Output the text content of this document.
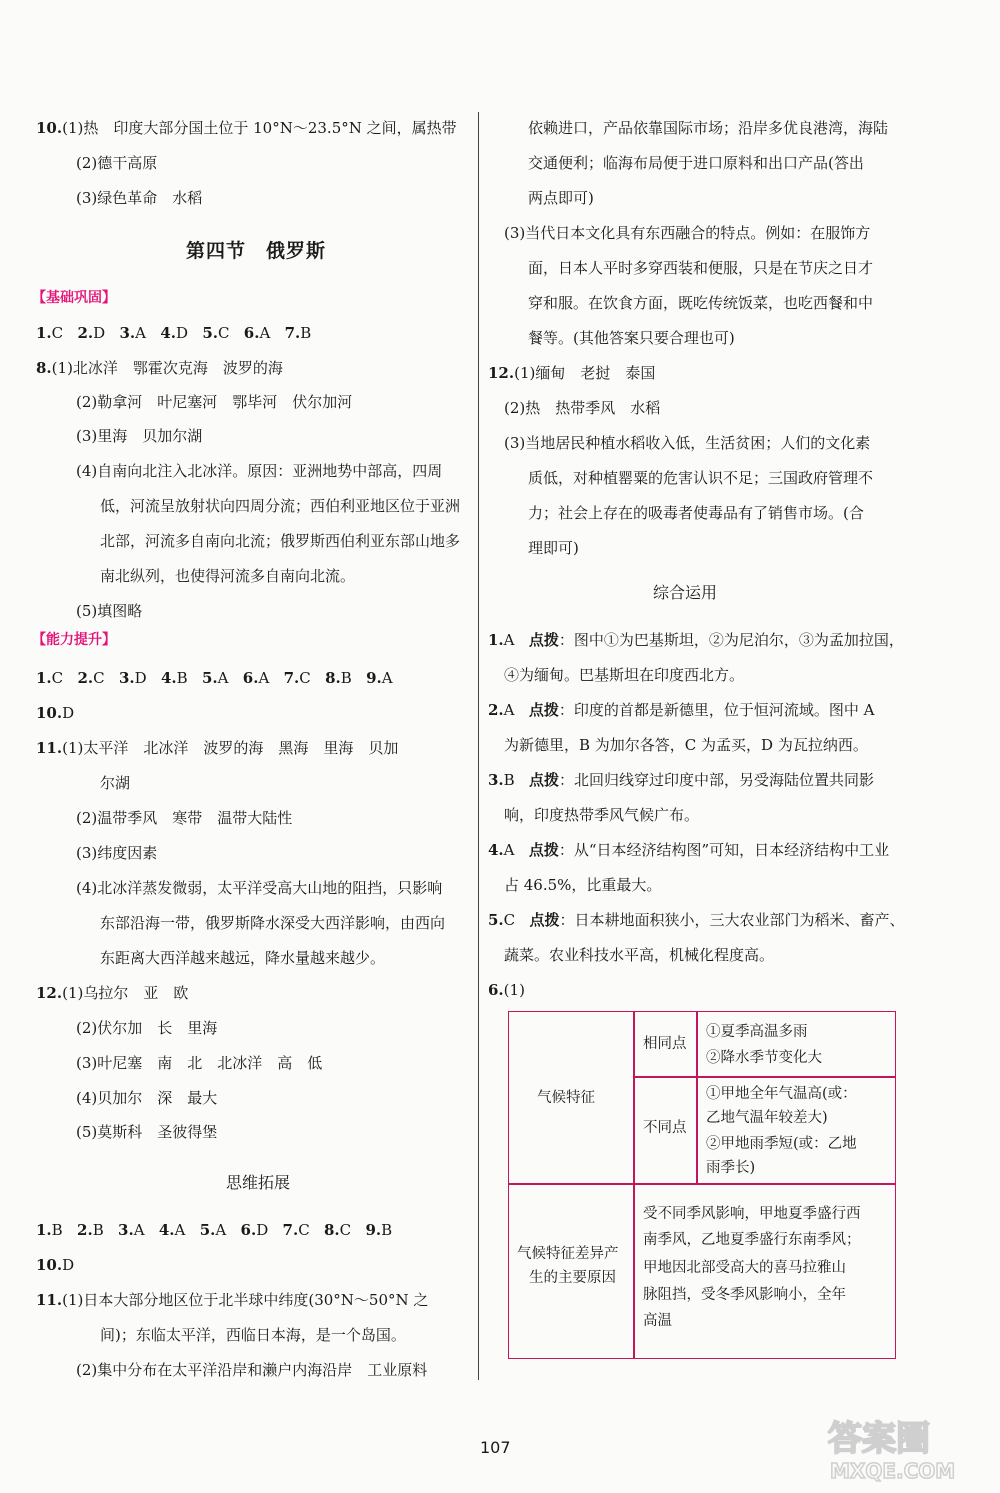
10.(1)热　印度大部分国土位于 10°N～23.5°N 之间，属热带
(2)德干高原
(3)绿色革命　水稻
第四节　俄罗斯
【基础巩固】
1.C 2.D 3.A 4.D 5.C 6.A 7.B
8.(1)北冰洋　鄂霍次克海　波罗的海
(2)勒拿河　叶尼塞河　鄂毕河　伏尔加河
(3)里海　贝加尔湖
(4)自南向北注入北冰洋。原因：亚洲地势中部高，四周
低，河流呈放射状向四周分流；西伯利亚地区位于亚洲
北部，河流多自南向北流；俄罗斯西伯利亚东部山地多
南北纵列，也使得河流多自南向北流。
(5)填图略
【能力提升】
1.C 2.C 3.D 4.B 5.A 6.A 7.C 8.B 9.A
10.D
11.(1)太平洋　北冰洋　波罗的海　黑海　里海　贝加
尔湖
(2)温带季风　寒带　温带大陆性
(3)纬度因素
(4)北冰洋蒸发微弱，太平洋受高大山地的阻挡，只影响
东部沿海一带，俄罗斯降水深受大西洋影响，由西向
东距离大西洋越来越远，降水量越来越少。
12.(1)乌拉尔　亚　欧
(2)伏尔加　长　里海
(3)叶尼塞　南　北　北冰洋　高　低
(4)贝加尔　深　最大
(5)莫斯科　圣彼得堡
思维拓展
1.B 2.B 3.A 4.A 5.A 6.D 7.C 8.C 9.B
10.D
11.(1)日本大部分地区位于北半球中纬度(30°N～50°N 之
间)；东临太平洋，西临日本海，是一个岛国。
(2)集中分布在太平洋沿岸和濑户内海沿岸　工业原料
依赖进口，产品依靠国际市场；沿岸多优良港湾，海陆
交通便利；临海布局便于进口原料和出口产品(答出
两点即可)
(3)当代日本文化具有东西融合的特点。例如：在服饰方
面，日本人平时多穿西装和便服，只是在节庆之日才
穿和服。在饮食方面，既吃传统饭菜，也吃西餐和中
餐等。(其他答案只要合理也可)
12.(1)缅甸　老挝　泰国
(2)热　热带季风　水稻
(3)当地居民种植水稻收入低，生活贫困；人们的文化素
质低，对种植罂粟的危害认识不足；三国政府管理不
力；社会上存在的吸毒者使毒品有了销售市场。(合
理即可)
综合运用
1.A 点拨：图中①为巴基斯坦，②为尼泊尔，③为孟加拉国，
④为缅甸。巴基斯坦在印度西北方。
2.A 点拨：印度的首都是新德里，位于恒河流域。图中 A
为新德里，B 为加尔各答，C 为孟买，D 为瓦拉纳西。
3.B 点拨：北回归线穿过印度中部，另受海陆位置共同影
响，印度热带季风气候广布。
4.A 点拨：从“日本经济结构图”可知，日本经济结构中工业
占 46.5%，比重最大。
5.C 点拨：日本耕地面积狭小，三大农业部门为稻米、畜产、
蔬菜。农业科技水平高，机械化程度高。
6.(1)
气候特征
相同点
①夏季高温多雨
②降水季节变化大
不同点
①甲地全年气温高(或：
乙地气温年较差大)
②甲地雨季短(或：乙地
雨季长)
气候特征差异产
生的主要原因
受不同季风影响，甲地夏季盛行西
南季风，乙地夏季盛行东南季风；
甲地因北部受高大的喜马拉雅山
脉阻挡，受冬季风影响小，全年
高温
107	答案圈
MXQE.COM
